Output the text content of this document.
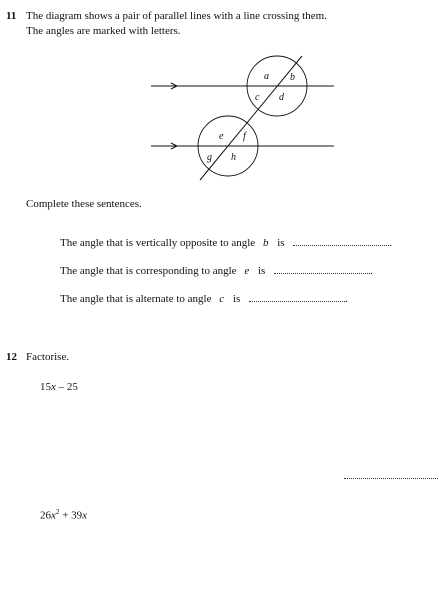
11 The diagram shows a pair of parallel lines with a line crossing them.
The angles are marked with letters.
a b
c d
e f
g h
Complete these sentences.
The angle that is vertically opposite to angle b is	.
The angle that is corresponding to angle e is	.
The angle that is alternate to angle c is	.
12 Factorise.
15x – 25
$26x^2 + 39x$
